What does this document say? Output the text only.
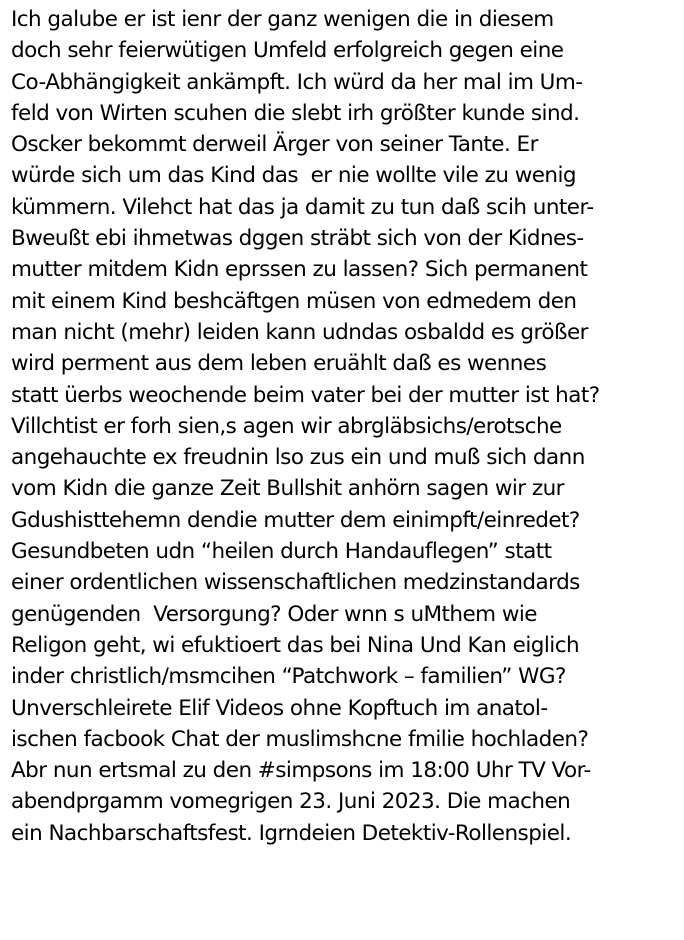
Ich galube er ist ienr der ganz wenigen die in diesem
doch sehr feierwütigen Umfeld erfolgreich gegen eine
Co-Abhängigkeit ankämpft. Ich würd da her mal im Um-
feld von Wirten scuhen die slebt irh größter kunde sind.
Oscker bekommt derweil Ärger von seiner Tante. Er
würde sich um das Kind das  er nie wollte vile zu wenig
kümmern. Vilehct hat das ja damit zu tun daß scih unter-
Bweußt ebi ihmetwas dggen sträbt sich von der Kidnes-
mutter mitdem Kidn eprssen zu lassen? Sich permanent
mit einem Kind beshcäftgen müsen von edmedem den
man nicht (mehr) leiden kann udndas osbaldd es größer
wird perment aus dem leben eruählt daß es wennes
statt üerbs weochende beim vater bei der mutter ist hat?
Villchtist er forh sien,s agen wir abrgläbsichs/erotsche
angehauchte ex freudnin lso zus ein und muß sich dann
vom Kidn die ganze Zeit Bullshit anhörn sagen wir zur
Gdushisttehemn dendie mutter dem einimpft/einredet?
Gesundbeten udn “heilen durch Handauflegen” statt
einer ordentlichen wissenschaftlichen medzinstandards
genügenden  Versorgung? Oder wnn s uMthem wie
Religon geht, wi efuktioert das bei Nina Und Kan eiglich
inder christlich/msmcihen “Patchwork – familien” WG?
Unverschleirete Elif Videos ohne Kopftuch im anatol-
ischen facbook Chat der muslimshcne fmilie hochladen?
Abr nun ertsmal zu den #simpsons im 18:00 Uhr TV Vor-
abendprgamm vomegrigen 23. Juni 2023. Die machen
ein Nachbarschaftsfest. Igrndeien Detektiv-Rollenspiel.
